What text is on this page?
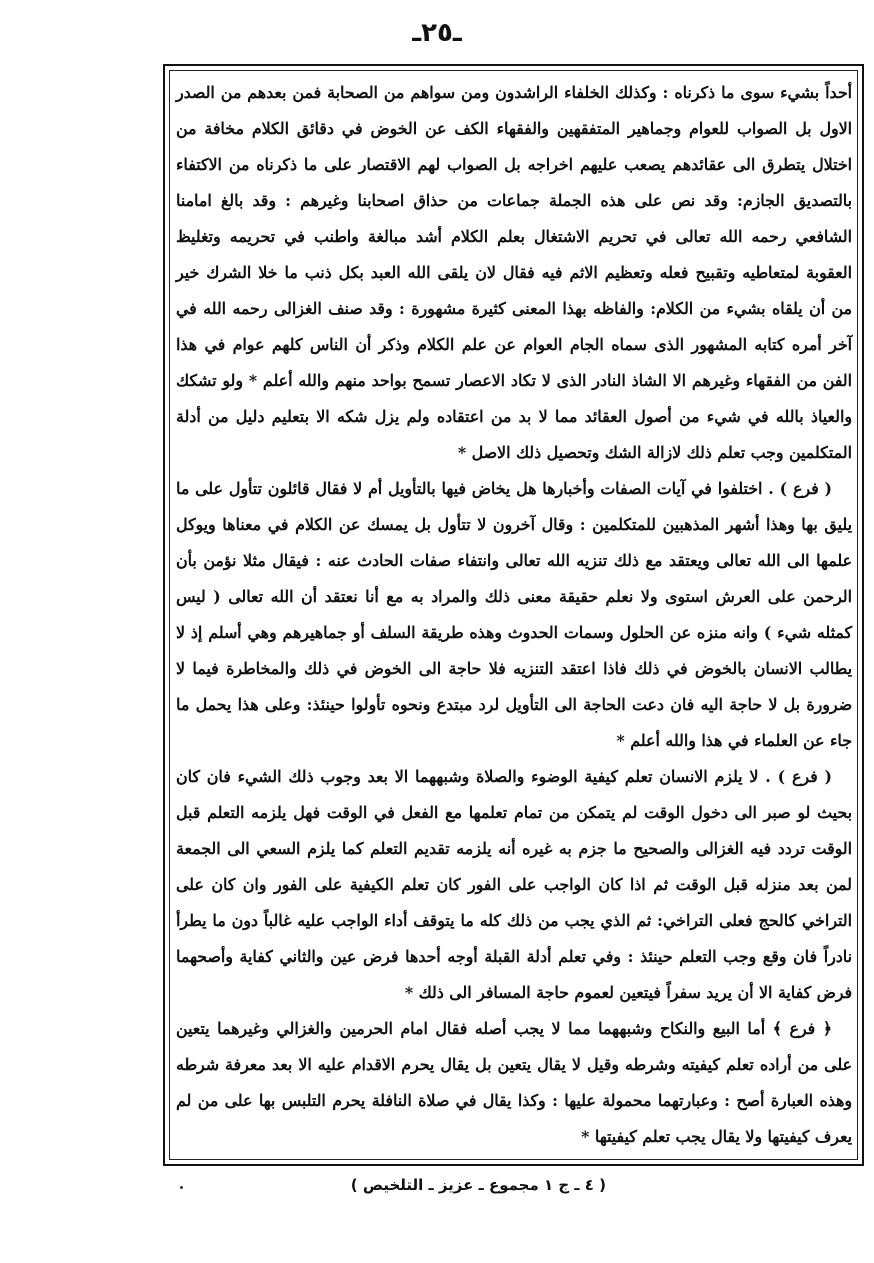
ـ٢٥ـ

أحداً بشيء سوى ما ذكرناه : وكذلك الخلفاء الراشدون ومن سواهم من الصحابة فمن بعدهم من الصدر الاول بل الصواب للعوام وجماهير المتفقهين والفقهاء الكف عن الخوض في دقائق الكلام مخافة من اختلال يتطرق الى عقائدهم يصعب عليهم اخراجه بل الصواب لهم الاقتصار على ما ذكرناه من الاكتفاء بالتصديق الجازم: وقد نص على هذه الجملة جماعات من حذاق اصحابنا وغيرهم : وقد بالغ امامنا الشافعي رحمه الله تعالى في تحريم الاشتغال بعلم الكلام أشد مبالغة واطنب في تحريمه وتغليظ العقوبة لمتعاطيه وتقبيح فعله وتعظيم الاثم فيه فقال لان يلقى الله العبد بكل ذنب ما خلا الشرك خير من أن يلقاه بشيء من الكلام: والفاظه بهذا المعنى كثيرة مشهورة : وقد صنف الغزالى رحمه الله في آخر أمره كتابه المشهور الذى سماه الجام العوام عن علم الكلام وذكر أن الناس كلهم عوام في هذا الفن من الفقهاء وغيرهم الا الشاذ النادر الذى لا تكاد الاعصار تسمح بواحد منهم والله أعلم * ولو تشكك والعياذ بالله في شيء من أصول العقائد مما لا بد من اعتقاده ولم يزل شكه الا بتعليم دليل من أدلة المتكلمين وجب تعلم ذلك لازالة الشك وتحصيل ذلك الاصل *

( فرع ) . اختلفوا في آيات الصفات وأخبارها هل يخاض فيها بالتأويل أم لا فقال قائلون تتأول على ما يليق بها وهذا أشهر المذهبين للمتكلمين : وقال آخرون لا تتأول بل يمسك عن الكلام في معناها ويوكل علمها الى الله تعالى ويعتقد مع ذلك تنزيه الله تعالى وانتفاء صفات الحادث عنه : فيقال مثلا نؤمن بأن الرحمن على العرش استوى ولا نعلم حقيقة معنى ذلك والمراد به مع أنا نعتقد أن الله تعالى ( ليس كمثله شيء ) وانه منزه عن الحلول وسمات الحدوث وهذه طريقة السلف أو جماهيرهم وهي أسلم إذ لا يطالب الانسان بالخوض في ذلك فاذا اعتقد التنزيه فلا حاجة الى الخوض في ذلك والمخاطرة فيما لا ضرورة بل لا حاجة اليه فان دعت الحاجة الى التأويل لرد مبتدع ونحوه تأولوا حينئذ: وعلى هذا يحمل ما جاء عن العلماء في هذا والله أعلم *

( فرع ) . لا يلزم الانسان تعلم كيفية الوضوء والصلاة وشبههما الا بعد وجوب ذلك الشيء فان كان بحيث لو صبر الى دخول الوقت لم يتمكن من تمام تعلمها مع الفعل في الوقت فهل يلزمه التعلم قبل الوقت تردد فيه الغزالى والصحيح ما جزم به غيره أنه يلزمه تقديم التعلم كما يلزم السعي الى الجمعة لمن بعد منزله قبل الوقت ثم اذا كان الواجب على الفور كان تعلم الكيفية على الفور وان كان على التراخي كالحج فعلى التراخي: ثم الذي يجب من ذلك كله ما يتوقف أداء الواجب عليه غالباً دون ما يطرأ نادراً فان وقع وجب التعلم حينئذ : وفي تعلم أدلة القبلة أوجه أحدها فرض عين والثاني كفاية وأصحهما فرض كفاية الا أن يريد سفراً فيتعين لعموم حاجة المسافر الى ذلك *

﴿ فرع ﴾ أما البيع والنكاح وشبههما مما لا يجب أصله فقال امام الحرمين والغزالي وغيرهما يتعين على من أراده تعلم كيفيته وشرطه وقيل لا يقال يتعين بل يقال يحرم الاقدام عليه الا بعد معرفة شرطه وهذه العبارة أصح : وعبارتهما محمولة عليها : وكذا يقال في صلاة النافلة يحرم التلبس بها على من لم يعرف كيفيتها ولا يقال يجب تعلم كيفيتها *

( ٤ ـ ج ١ مجموع ـ عزيز ـ التلخيص )
